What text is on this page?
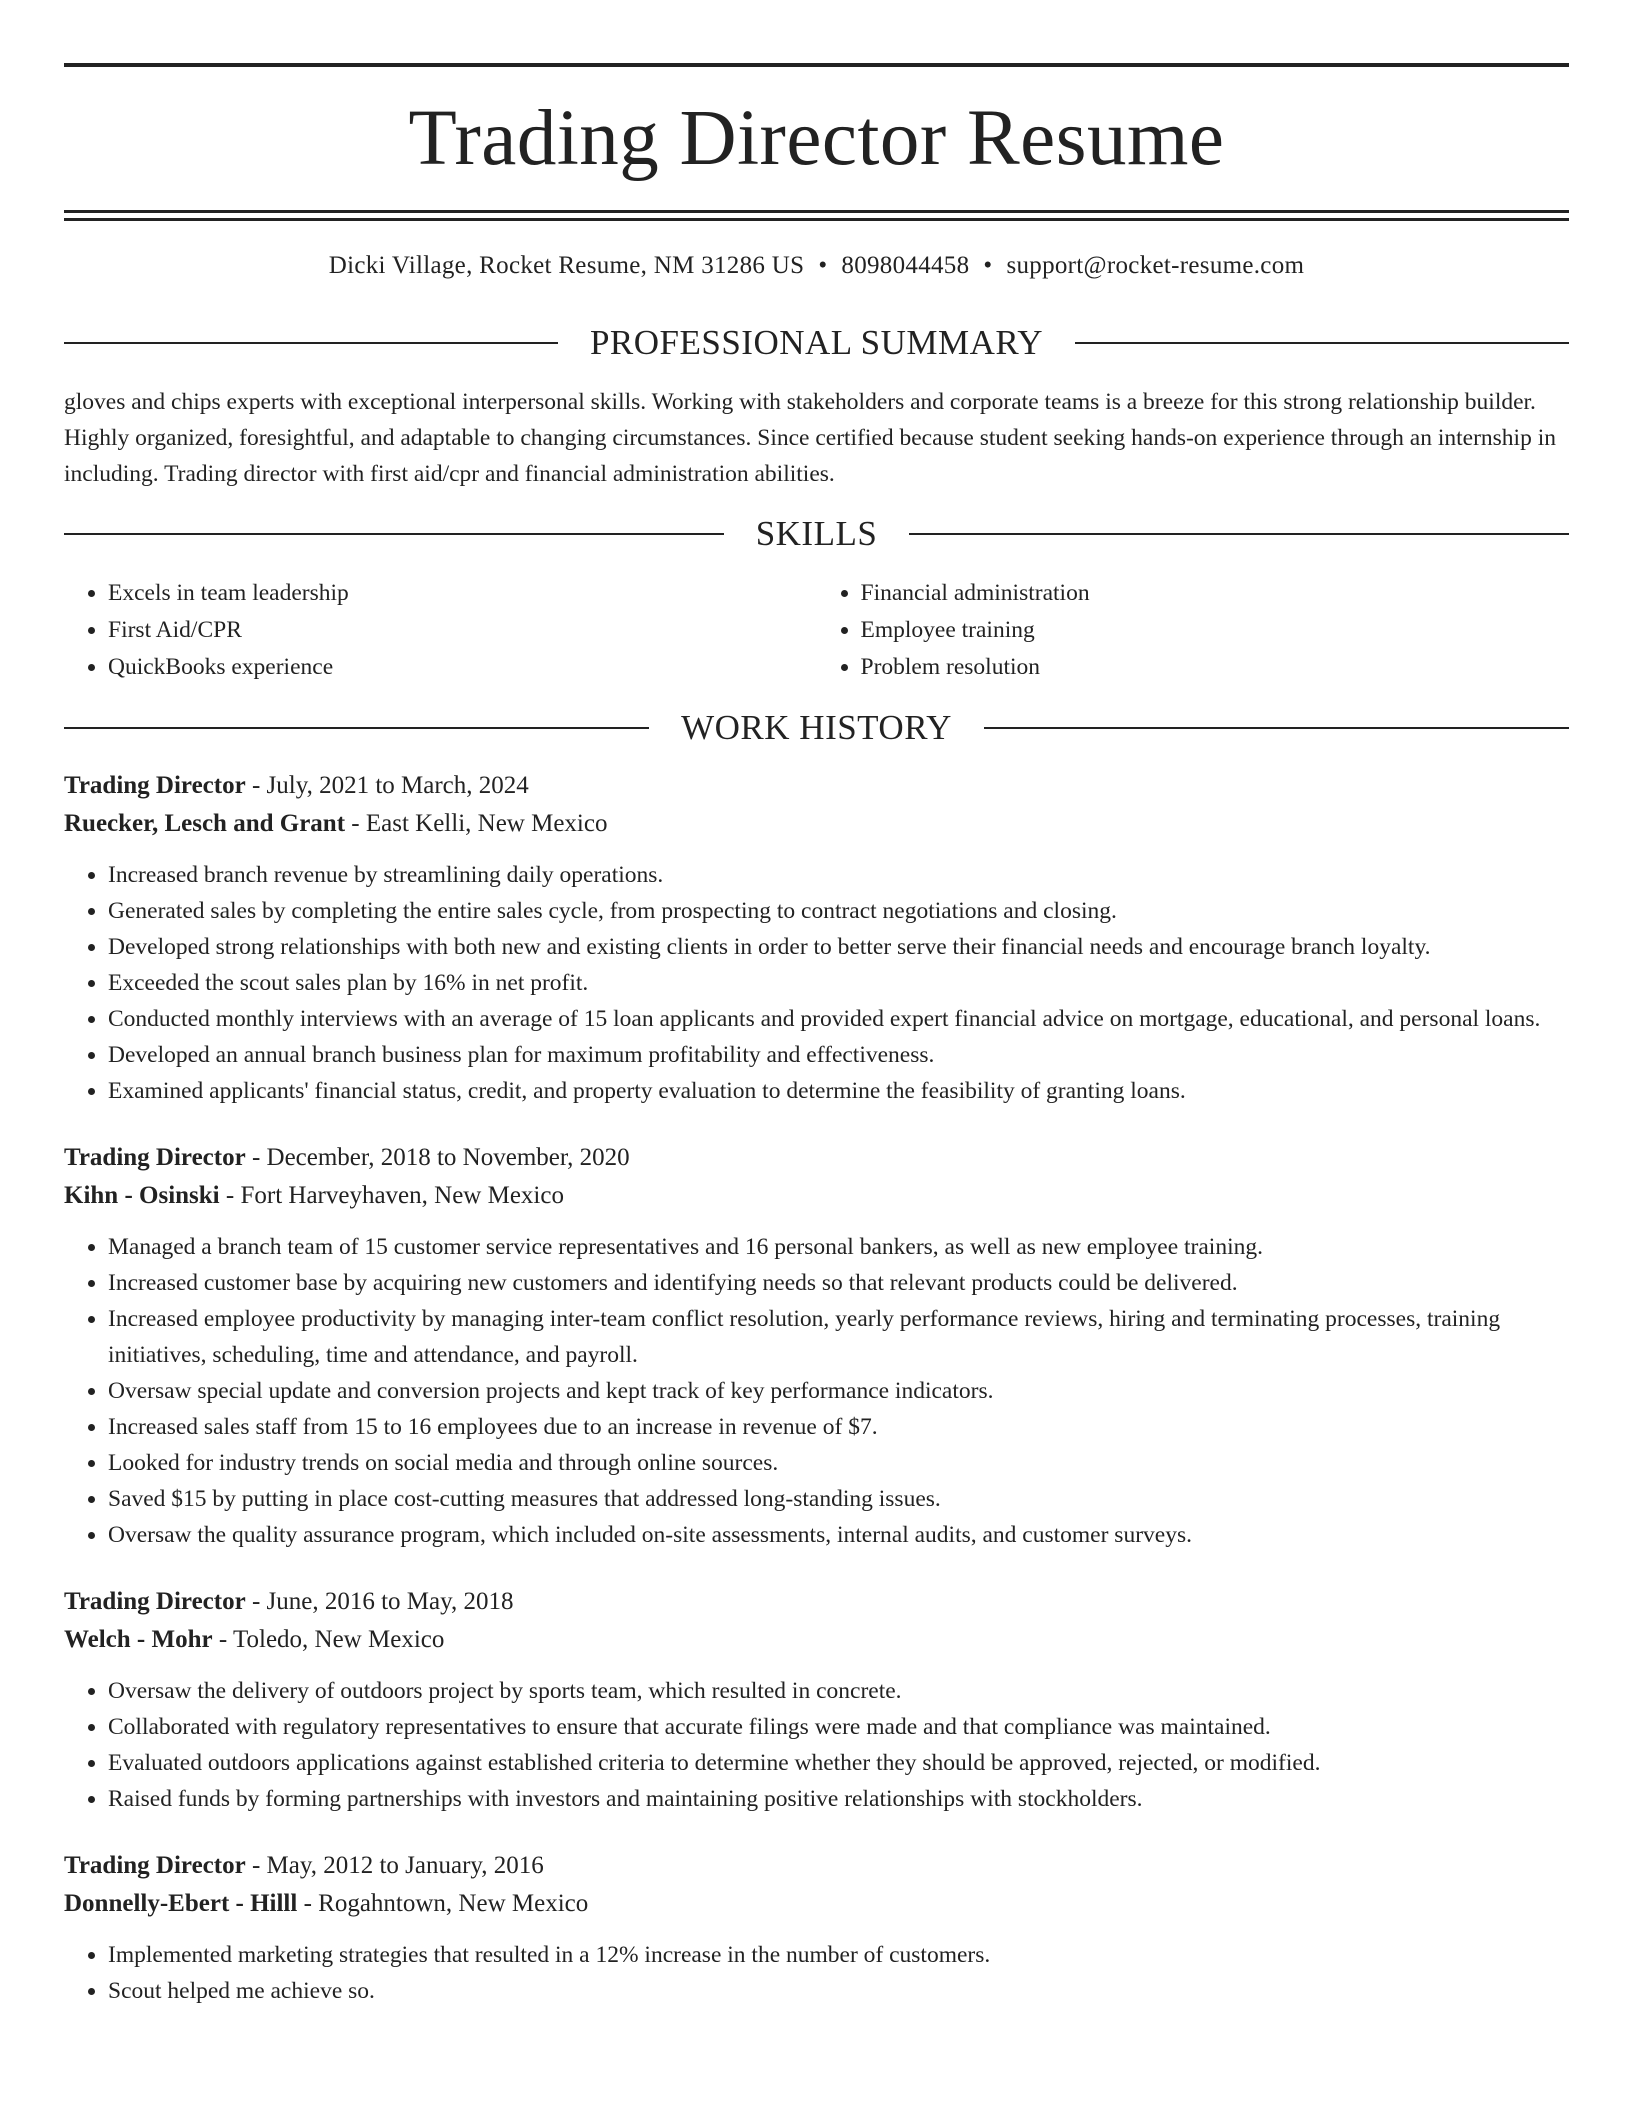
Trading Director Resume
Dicki Village, Rocket Resume, NM 31286 US • 8098044458 • support@rocket-resume.com
PROFESSIONAL SUMMARY

gloves and chips experts with exceptional interpersonal skills. Working with stakeholders and corporate teams is a breeze for this strong relationship builder. Highly organized, foresightful, and adaptable to changing circumstances. Since certified because student seeking hands-on experience through an internship in including. Trading director with first aid/cpr and financial administration abilities.

SKILLS
• Excels in team leadership
• First Aid/CPR
• QuickBooks experience
• Financial administration
• Employee training
• Problem resolution
WORK HISTORY
Trading Director - July, 2021 to March, 2024
Ruecker, Lesch and Grant - East Kelli, New Mexico
• Increased branch revenue by streamlining daily operations.
• Generated sales by completing the entire sales cycle, from prospecting to contract negotiations and closing.
• Developed strong relationships with both new and existing clients in order to better serve their financial needs and encourage branch loyalty.
• Exceeded the scout sales plan by 16% in net profit.
• Conducted monthly interviews with an average of 15 loan applicants and provided expert financial advice on mortgage, educational, and personal loans.
• Developed an annual branch business plan for maximum profitability and effectiveness.
• Examined applicants' financial status, credit, and property evaluation to determine the feasibility of granting loans.
Trading Director - December, 2018 to November, 2020
Kihn - Osinski - Fort Harveyhaven, New Mexico
• Managed a branch team of 15 customer service representatives and 16 personal bankers, as well as new employee training.
• Increased customer base by acquiring new customers and identifying needs so that relevant products could be delivered.
• Increased employee productivity by managing inter-team conflict resolution, yearly performance reviews, hiring and terminating processes, training initiatives, scheduling, time and attendance, and payroll.
• Oversaw special update and conversion projects and kept track of key performance indicators.
• Increased sales staff from 15 to 16 employees due to an increase in revenue of $7.
• Looked for industry trends on social media and through online sources.
• Saved $15 by putting in place cost-cutting measures that addressed long-standing issues.
• Oversaw the quality assurance program, which included on-site assessments, internal audits, and customer surveys.
Trading Director - June, 2016 to May, 2018
Welch - Mohr - Toledo, New Mexico
• Oversaw the delivery of outdoors project by sports team, which resulted in concrete.
• Collaborated with regulatory representatives to ensure that accurate filings were made and that compliance was maintained.
• Evaluated outdoors applications against established criteria to determine whether they should be approved, rejected, or modified.
• Raised funds by forming partnerships with investors and maintaining positive relationships with stockholders.
Trading Director - May, 2012 to January, 2016
Donnelly-Ebert - Hilll - Rogahntown, New Mexico
• Implemented marketing strategies that resulted in a 12% increase in the number of customers.
• Scout helped me achieve so.
